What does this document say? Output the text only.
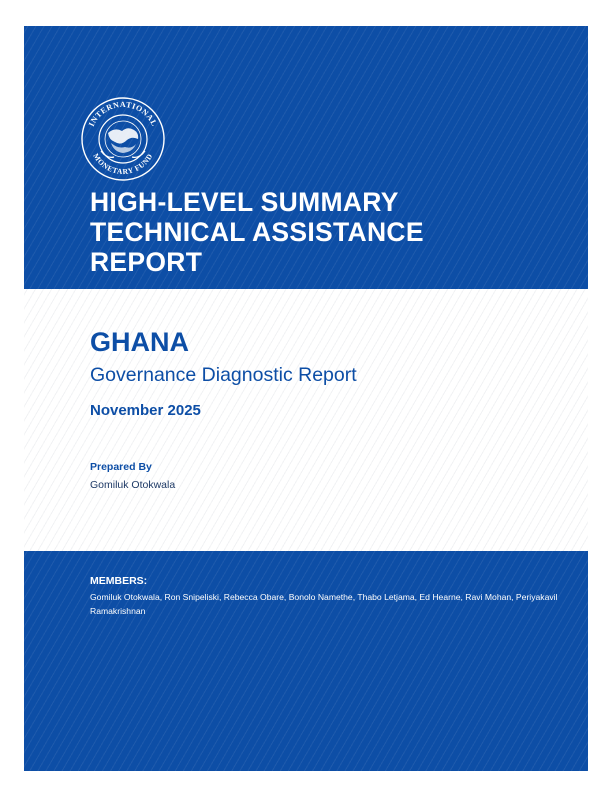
INTERNATIONAL
MONETARY FUND
HIGH-LEVEL SUMMARY
TECHNICAL ASSISTANCE
REPORT
GHANA
Governance Diagnostic Report
November 2025
Prepared By
Gomiluk Otokwala
MEMBERS:
Gomiluk Otokwala, Ron Snipeliski, Rebecca Obare, Bonolo Namethe, Thabo Letjama, Ed Hearne, Ravi Mohan, Periyakavil Ramakrishnan
